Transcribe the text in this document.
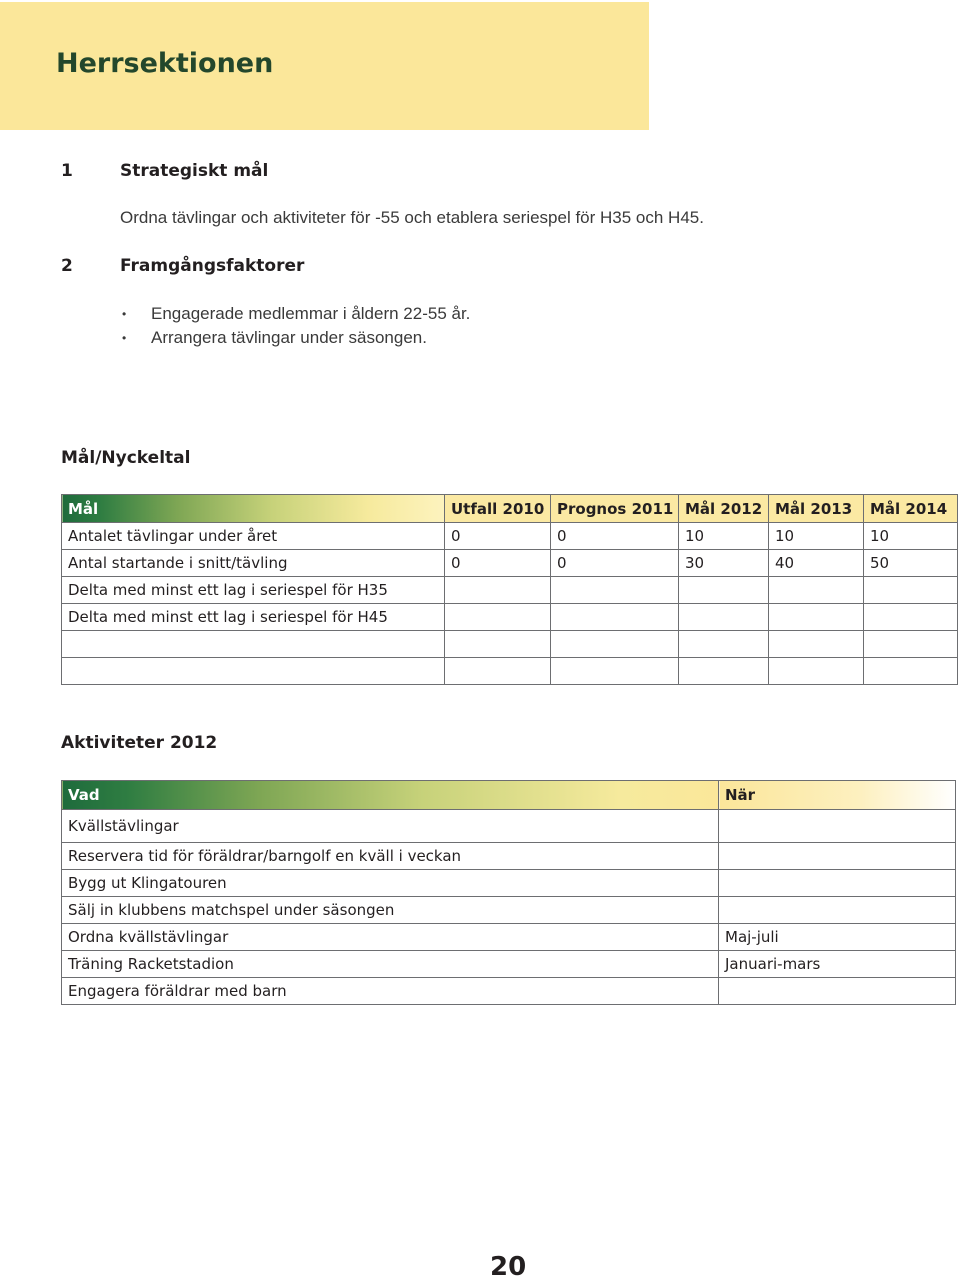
Herrsektionen
1	Strategiskt mål
Ordna tävlingar och aktiviteter för -55 och etablera seriespel för H35 och H45.
2	Framgångsfaktorer
• Engagerade medlemmar i åldern 22-55 år.
• Arrangera tävlingar under säsongen.
Mål/Nyckeltal
Mål	Utfall 2010	Prognos 2011	Mål 2012	Mål 2013	Mål 2014
Antalet tävlingar under året	0	0	10	10	10
Antal startande i snitt/tävling	0	0	30	40	50
Delta med minst ett lag i seriespel för H35					
Delta med minst ett lag i seriespel för H45					

Aktiviteter 2012
Vad	När
Kvällstävlingar	
Reservera tid för föräldrar/barngolf en kväll i veckan	
Bygg ut Klingatouren	
Sälj in klubbens matchspel under säsongen	
Ordna kvällstävlingar	Maj-juli
Träning Racketstadion	Januari-mars
Engagera föräldrar med barn	
20
